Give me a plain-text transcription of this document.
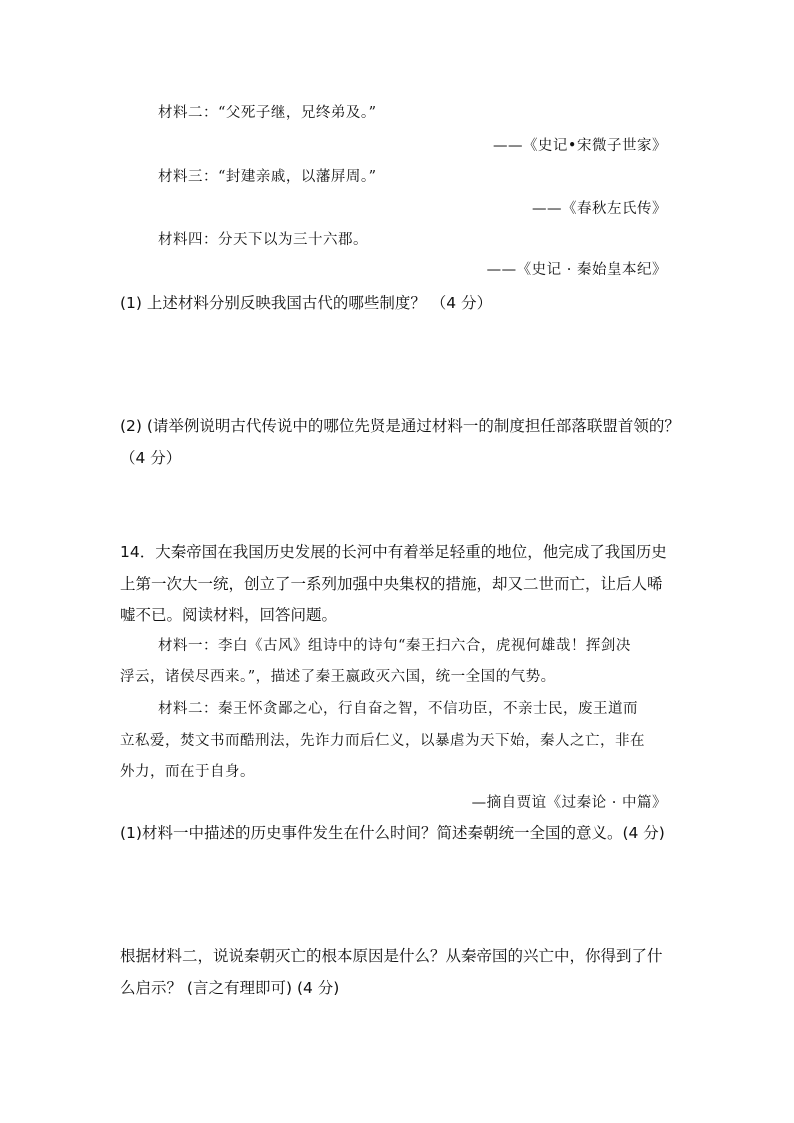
材料二：“父死子继，兄终弟及。”
——《史记•宋微子世家》
材料三：“封建亲戚，以藩屏周。”
——《春秋左氏传》
材料四：分天下以为三十六郡。
——《史记 · 秦始皇本纪》
(1) 上述材料分别反映我国古代的哪些制度？ （4 分）
(2) (请举例说明古代传说中的哪位先贤是通过材料一的制度担任部落联盟首领的？
（4 分）
14．大秦帝国在我国历史发展的长河中有着举足轻重的地位，他完成了我国历史
上第一次大一统，创立了一系列加强中央集权的措施，却又二世而亡，让后人唏
嘘不已。阅读材料，回答问题。
材料一：李白《古风》组诗中的诗句“秦王扫六合，虎视何雄哉！挥剑决
浮云，诸侯尽西来。”，描述了秦王嬴政灭六国，统一全国的气势。
材料二：秦王怀贪鄙之心，行自奋之智，不信功臣，不亲士民，废王道而
立私爱，焚文书而酷刑法，先诈力而后仁义，以暴虐为天下始，秦人之亡，非在
外力，而在于自身。
—摘自贾谊《过秦论 · 中篇》
(1)材料一中描述的历史事件发生在什么时间？简述秦朝统一全国的意义。(4 分)
根据材料二，说说秦朝灭亡的根本原因是什么？从秦帝国的兴亡中，你得到了什
么启示？ (言之有理即可) (4 分)
